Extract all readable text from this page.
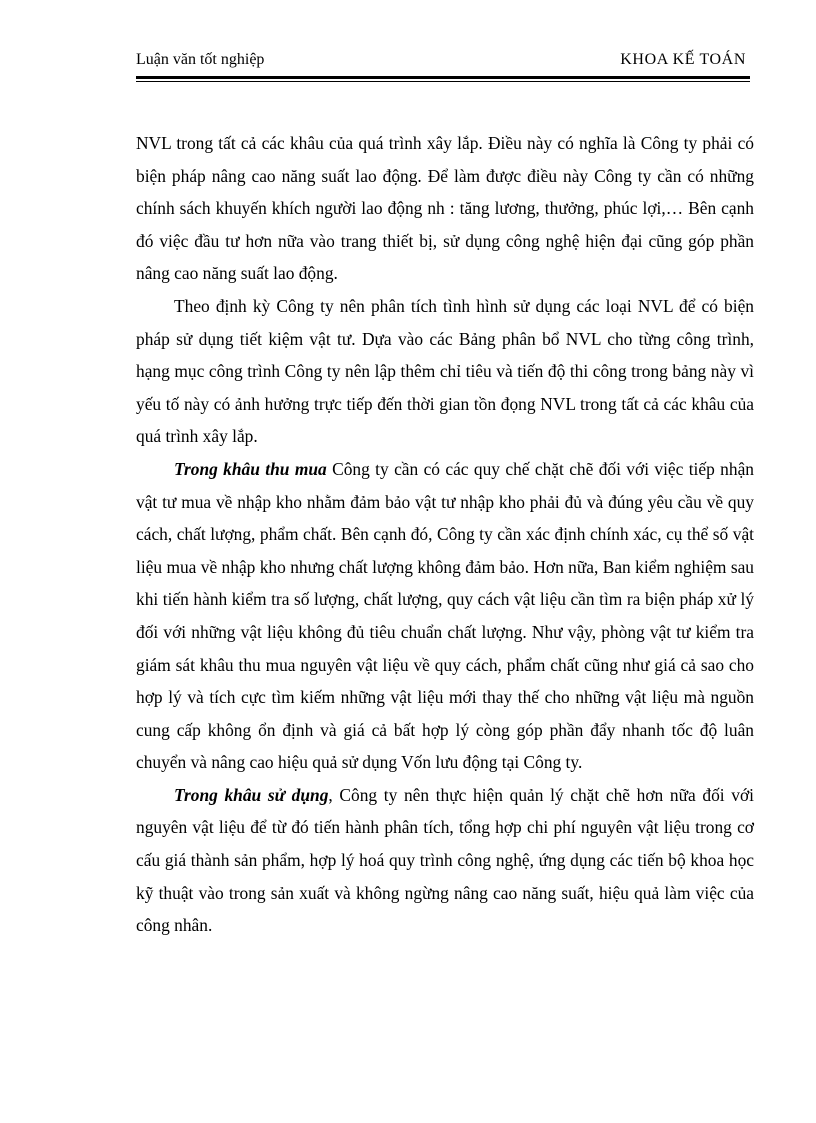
Luận văn tốt nghiệp	KHOA KẾ TOÁN

NVL trong tất cả các khâu của quá trình xây lắp. Điều này có nghĩa là Công ty phải có biện pháp nâng cao năng suất lao động. Để làm được điều này Công ty cần có những chính sách khuyến khích người lao động nh : tăng lương, thưởng, phúc lợi,… Bên cạnh đó việc đầu tư hơn nữa vào trang thiết bị, sử dụng công nghệ hiện đại cũng góp phần nâng cao năng suất lao động.

Theo định kỳ Công ty nên phân tích tình hình sử dụng các loại NVL để có biện pháp sử dụng tiết kiệm vật tư. Dựa vào các Bảng phân bổ NVL cho từng công trình, hạng mục công trình Công ty nên lập thêm chỉ tiêu và tiến độ thi công trong bảng này vì yếu tố này có ảnh hưởng trực tiếp đến thời gian tồn đọng NVL trong tất cả các khâu của quá trình xây lắp.

Trong khâu thu mua Công ty cần có các quy chế chặt chẽ đối với việc tiếp nhận vật tư mua về nhập kho nhằm đảm bảo vật tư nhập kho phải đủ và đúng yêu cầu về quy cách, chất lượng, phẩm chất. Bên cạnh đó, Công ty cần xác định chính xác, cụ thể số vật liệu mua về nhập kho nhưng chất lượng không đảm bảo. Hơn nữa, Ban kiểm nghiệm sau khi tiến hành kiểm tra số lượng, chất lượng, quy cách vật liệu cần tìm ra biện pháp xử lý đối với những vật liệu không đủ tiêu chuẩn chất lượng. Như vậy, phòng vật tư kiểm tra giám sát khâu thu mua nguyên vật liệu về quy cách, phẩm chất cũng như giá cả sao cho hợp lý và tích cực tìm kiếm những vật liệu mới thay thế cho những vật liệu mà nguồn cung cấp không ổn định và giá cả bất hợp lý còng góp phần đẩy nhanh tốc độ luân chuyển và nâng cao hiệu quả sử dụng Vốn lưu động tại Công ty.

Trong khâu sử dụng, Công ty nên thực hiện quản lý chặt chẽ hơn nữa đối với nguyên vật liệu để từ đó tiến hành phân tích, tổng hợp chi phí nguyên vật liệu trong cơ cấu giá thành sản phẩm, hợp lý hoá quy trình công nghệ, ứng dụng các tiến bộ khoa học kỹ thuật vào trong sản xuất và không ngừng nâng cao năng suất, hiệu quả làm việc của công nhân.
